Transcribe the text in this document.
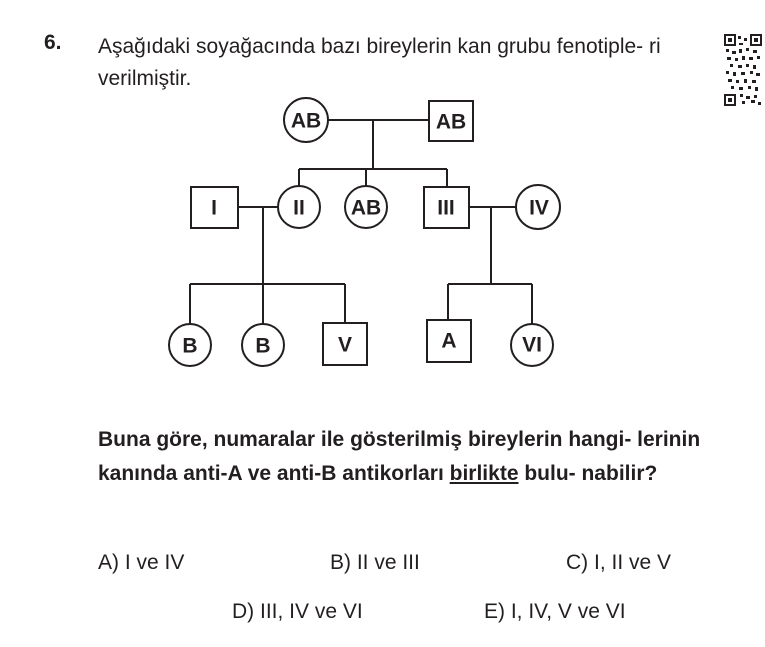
6. Aşağıdaki soyağacında bazı bireylerin kan grubu fenotiple- ri verilmiştir.
AB	AB
I	II AB	III	IV
B	B	V	A	VI
Buna göre, numaralar ile gösterilmiş bireylerin hangi- lerinin kanında anti-A ve anti-B antikorları birlikte bulu- nabilir?
A) I ve IV	B) II ve III	C) I, II ve V
D) III, IV ve VI	E) I, IV, V ve VI
